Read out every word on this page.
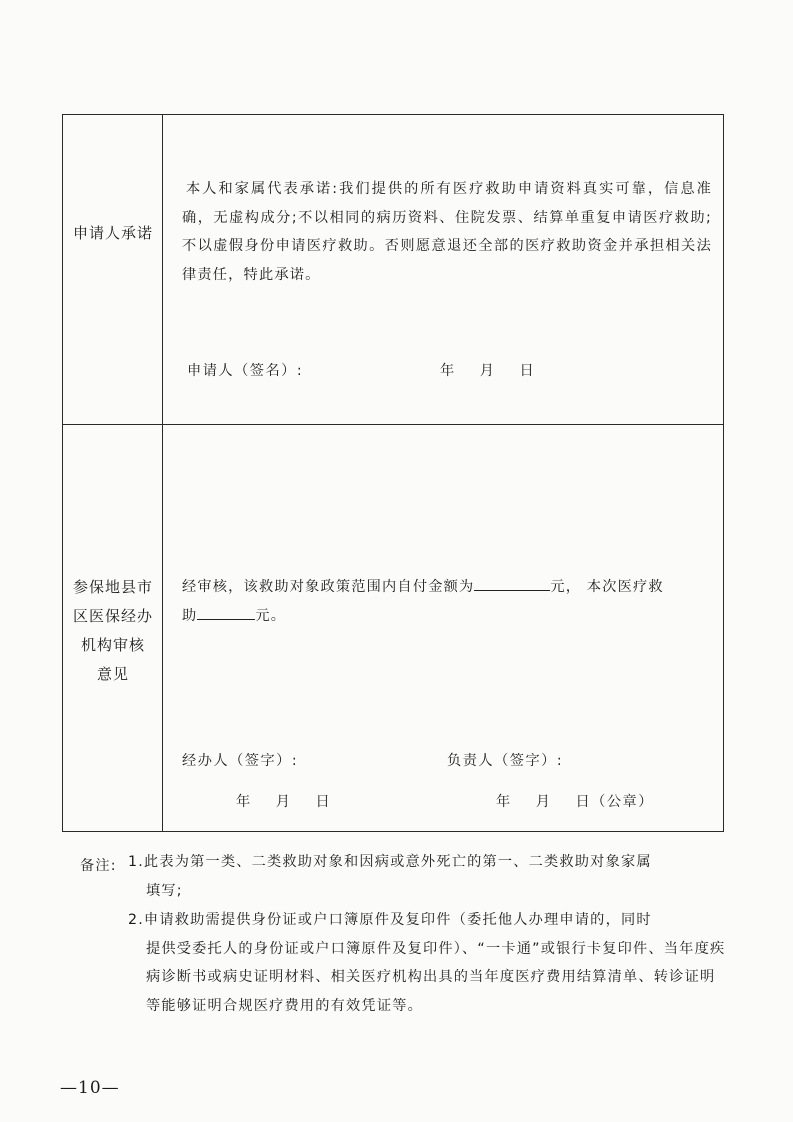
申请人承诺
本人和家属代表承诺:我们提供的所有医疗救助申请资料真实可靠，信息准确，无虚构成分;不以相同的病历资料、住院发票、结算单重复申请医疗救助;不以虚假身份申请医疗救助。否则愿意退还全部的医疗救助资金并承担相关法律责任，特此承诺。
申请人（签名）:	年    月    日
参保地县市
区医保经办
机构审核
意见
经审核，该救助对象政策范围内自付金额为	元， 本次医疗救
助	元。
经办人（签字）:	负责人（签字）:
年    月    日	年    月    日（公章）
备注: 1.此表为第一类、二类救助对象和因病或意外死亡的第一、二类救助对象家属
填写;
2.申请救助需提供身份证或户口簿原件及复印件（委托他人办理申请的，同时
提供受委托人的身份证或户口簿原件及复印件）、“一卡通”或银行卡复印件、当年度疾 病诊断书或病史证明材料、相关医疗机构出具的当年度医疗费用结算清单、转诊证明 等能够证明合规医疗费用的有效凭证等。
—10—
